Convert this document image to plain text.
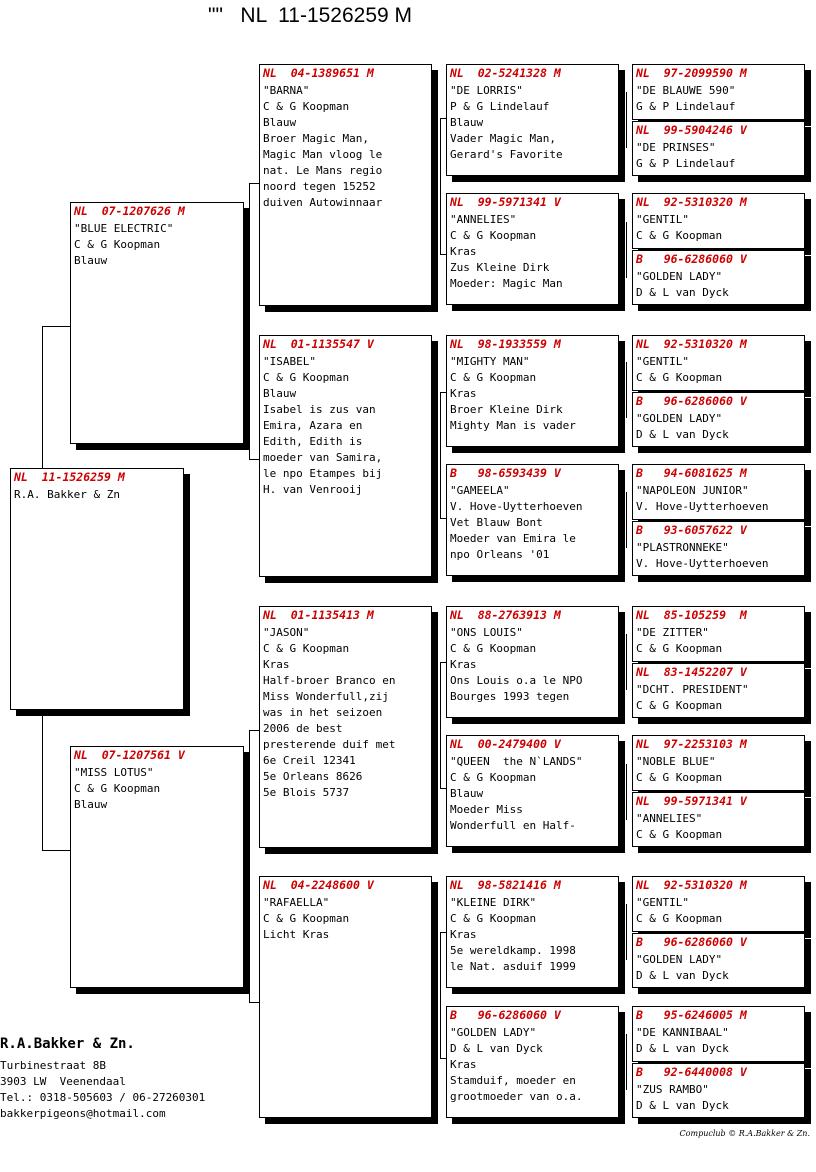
""   NL  11-1526259 M
NL  11-1526259 M
R.A. Bakker & Zn
NL  07-1207626 M
"BLUE ELECTRIC"
C & G Koopman
Blauw
NL  07-1207561 V
"MISS LOTUS"
C & G Koopman
Blauw
NL  04-1389651 M
"BARNA"
C & G Koopman
Blauw
Broer Magic Man,
Magic Man vloog le
nat. Le Mans regio
noord tegen 15252
duiven Autowinnaar
NL  01-1135547 V
"ISABEL"
C & G Koopman
Blauw
Isabel is zus van
Emira, Azara en
Edith, Edith is
moeder van Samira,
le npo Etampes bij
H. van Venrooij
NL  01-1135413 M
"JASON"
C & G Koopman
Kras
Half-broer Branco en
Miss Wonderfull,zij
was in het seizoen
2006 de best
presterende duif met
6e Creil 12341
5e Orleans 8626
5e Blois 5737
NL  04-2248600 V
"RAFAELLA"
C & G Koopman
Licht Kras
NL  02-5241328 M
"DE LORRIS"
P & G Lindelauf
Blauw
Vader Magic Man,
Gerard's Favorite
NL  99-5971341 V
"ANNELIES"
C & G Koopman
Kras
Zus Kleine Dirk
Moeder: Magic Man
NL  98-1933559 M
"MIGHTY MAN"
C & G Koopman
Kras
Broer Kleine Dirk
Mighty Man is vader
B   98-6593439 V
"GAMEELA"
V. Hove-Uytterhoeven
Vet Blauw Bont
Moeder van Emira le
npo Orleans '01
NL  88-2763913 M
"ONS LOUIS"
C & G Koopman
Kras
Ons Louis o.a le NPO
Bourges 1993 tegen
NL  00-2479400 V
"QUEEN  the N`LANDS"
C & G Koopman
Blauw
Moeder Miss
Wonderfull en Half-
NL  98-5821416 M
"KLEINE DIRK"
C & G Koopman
Kras
5e wereldkamp. 1998
le Nat. asduif 1999
B   96-6286060 V
"GOLDEN LADY"
D & L van Dyck
Kras
Stamduif, moeder en
grootmoeder van o.a.
NL  97-2099590 M
"DE BLAUWE 590"
G & P Lindelauf
NL  99-5904246 V
"DE PRINSES"
G & P Lindelauf
NL  92-5310320 M
"GENTIL"
C & G Koopman
B   96-6286060 V
"GOLDEN LADY"
D & L van Dyck
NL  92-5310320 M
"GENTIL"
C & G Koopman
B   96-6286060 V
"GOLDEN LADY"
D & L van Dyck
B   94-6081625 M
"NAPOLEON JUNIOR"
V. Hove-Uytterhoeven
B   93-6057622 V
"PLASTRONNEKE"
V. Hove-Uytterhoeven
NL  85-105259  M
"DE ZITTER"
C & G Koopman
NL  83-1452207 V
"DCHT. PRESIDENT"
C & G Koopman
NL  97-2253103 M
"NOBLE BLUE"
C & G Koopman
NL  99-5971341 V
"ANNELIES"
C & G Koopman
NL  92-5310320 M
"GENTIL"
C & G Koopman
B   96-6286060 V
"GOLDEN LADY"
D & L van Dyck
B   95-6246005 M
"DE KANNIBAAL"
D & L van Dyck
B   92-6440008 V
"ZUS RAMBO"
D & L van Dyck
R.A.Bakker & Zn.
Turbinestraat 8B
3903 LW  Veenendaal
Tel.: 0318-505603 / 06-27260301
bakkerpigeons@hotmail.com
Compuclub © R.A.Bakker & Zn.
